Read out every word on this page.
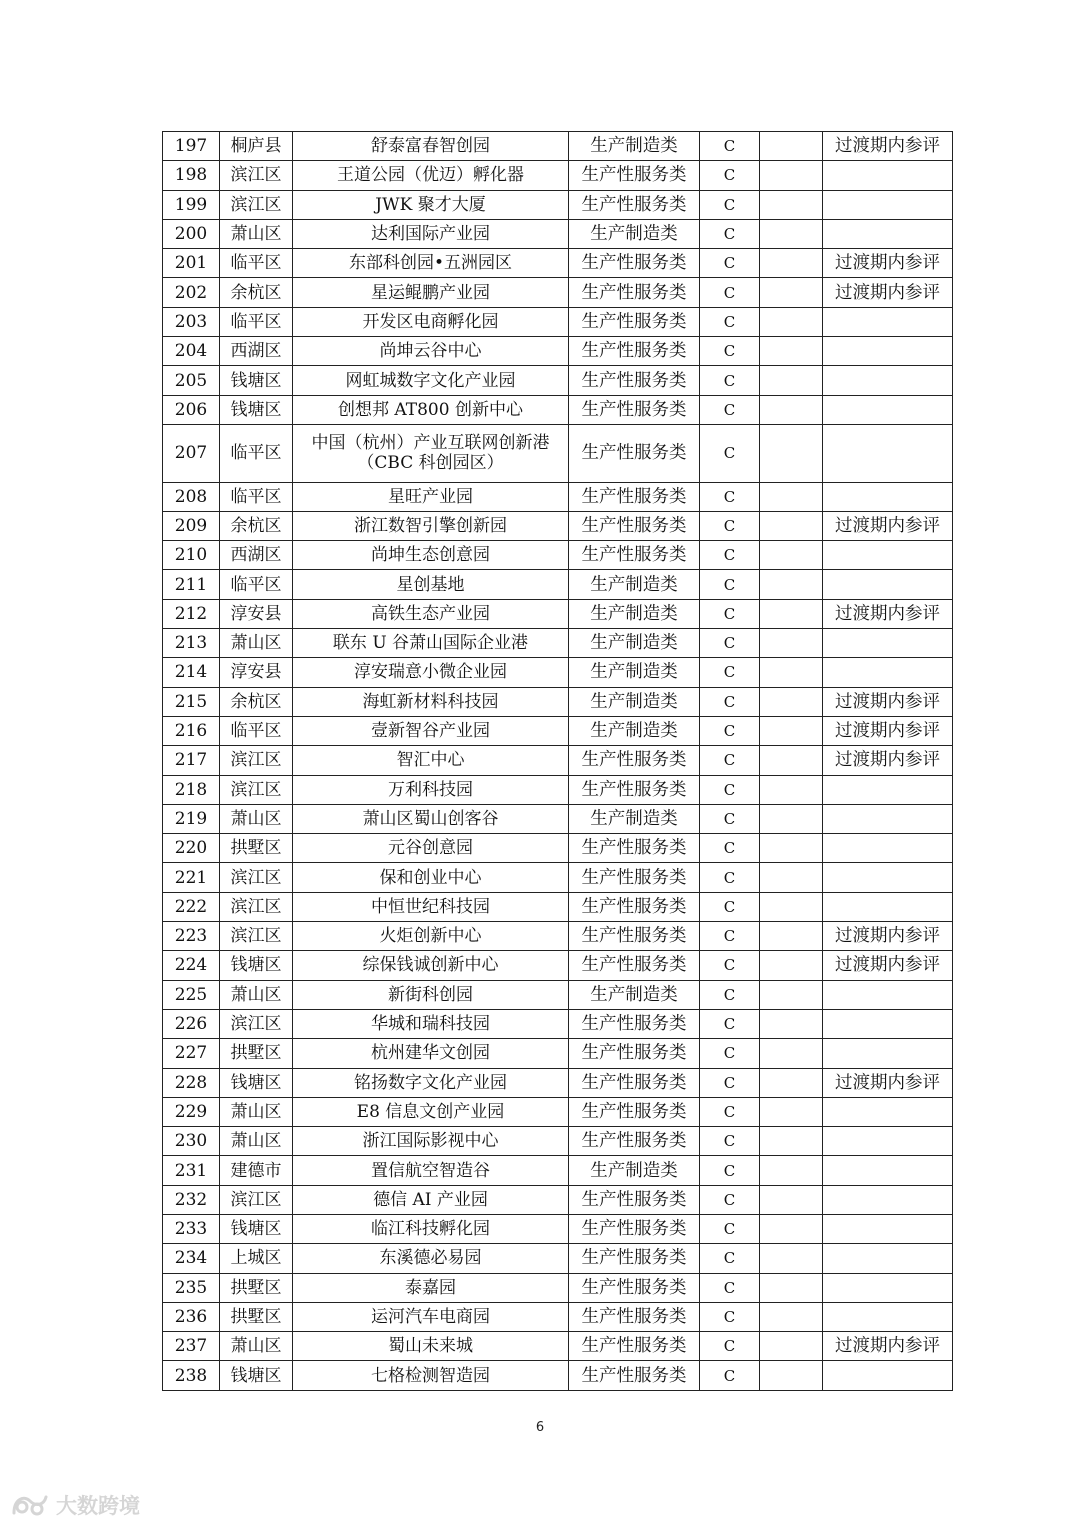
197	桐庐县	舒泰富春智创园	生产制造类	C		过渡期内参评
198	滨江区	王道公园（优迈）孵化器	生产性服务类	C		
199	滨江区	JWK 聚才大厦	生产性服务类	C		
200	萧山区	达利国际产业园	生产制造类	C		
201	临平区	东部科创园•五洲园区	生产性服务类	C		过渡期内参评
202	余杭区	星运鲲鹏产业园	生产性服务类	C		过渡期内参评
203	临平区	开发区电商孵化园	生产性服务类	C		
204	西湖区	尚坤云谷中心	生产性服务类	C		
205	钱塘区	网虹城数字文化产业园	生产性服务类	C		
206	钱塘区	创想邦 AT800 创新中心	生产性服务类	C		
207	临平区	中国（杭州）产业互联网创新港（CBC 科创园区）	生产性服务类	C		
208	临平区	星旺产业园	生产性服务类	C		
209	余杭区	浙江数智引擎创新园	生产性服务类	C		过渡期内参评
210	西湖区	尚坤生态创意园	生产性服务类	C		
211	临平区	星创基地	生产制造类	C		
212	淳安县	高铁生态产业园	生产制造类	C		过渡期内参评
213	萧山区	联东 U 谷萧山国际企业港	生产制造类	C		
214	淳安县	淳安瑞意小微企业园	生产制造类	C		
215	余杭区	海虹新材料科技园	生产制造类	C		过渡期内参评
216	临平区	壹新智谷产业园	生产制造类	C		过渡期内参评
217	滨江区	智汇中心	生产性服务类	C		过渡期内参评
218	滨江区	万利科技园	生产性服务类	C		
219	萧山区	萧山区蜀山创客谷	生产制造类	C		
220	拱墅区	元谷创意园	生产性服务类	C		
221	滨江区	保和创业中心	生产性服务类	C		
222	滨江区	中恒世纪科技园	生产性服务类	C		
223	滨江区	火炬创新中心	生产性服务类	C		过渡期内参评
224	钱塘区	综保钱诚创新中心	生产性服务类	C		过渡期内参评
225	萧山区	新街科创园	生产制造类	C		
226	滨江区	华城和瑞科技园	生产性服务类	C		
227	拱墅区	杭州建华文创园	生产性服务类	C		
228	钱塘区	铭扬数字文化产业园	生产性服务类	C		过渡期内参评
229	萧山区	E8 信息文创产业园	生产性服务类	C		
230	萧山区	浙江国际影视中心	生产性服务类	C		
231	建德市	置信航空智造谷	生产制造类	C		
232	滨江区	德信 AI 产业园	生产性服务类	C		
233	钱塘区	临江科技孵化园	生产性服务类	C		
234	上城区	东溪德必易园	生产性服务类	C		
235	拱墅区	泰嘉园	生产性服务类	C		
236	拱墅区	运河汽车电商园	生产性服务类	C		
237	萧山区	蜀山未来城	生产性服务类	C		过渡期内参评
238	钱塘区	七格检测智造园	生产性服务类	C		
6
大数跨境
